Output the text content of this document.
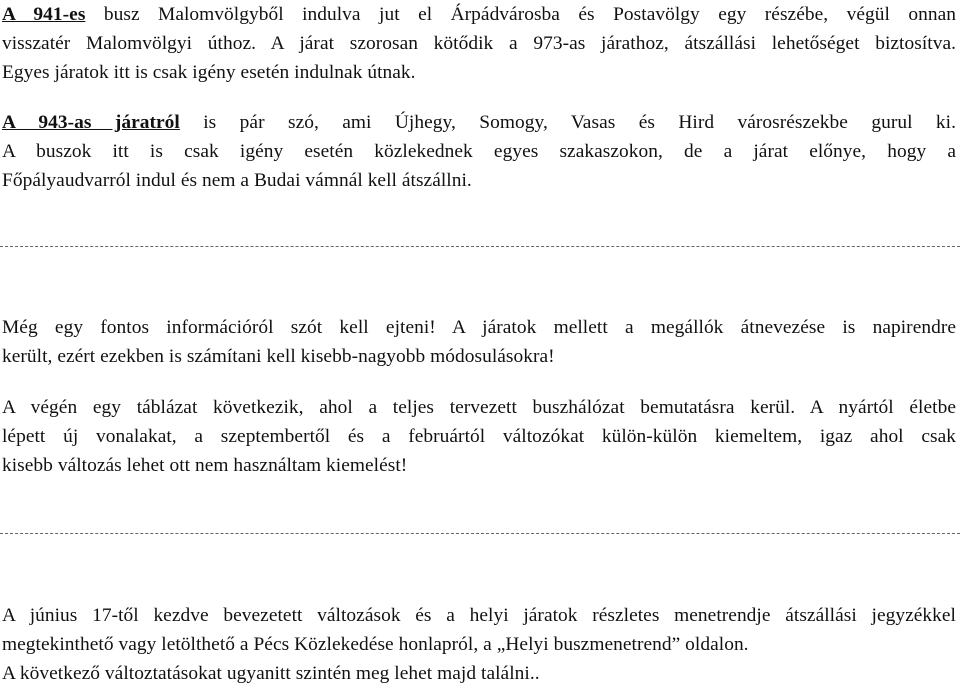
A 941-es busz Malomvölgyből indulva jut el Árpádvárosba és Postavölgy egy részébe, végül onnan
visszatér Malomvölgyi úthoz. A járat szorosan kötődik a 973-as járathoz, átszállási lehetőséget biztosítva.
Egyes járatok itt is csak igény esetén indulnak útnak.

A 943-as járatról is pár szó, ami Újhegy, Somogy, Vasas és Hird városrészekbe gurul ki.
A buszok itt is csak igény esetén közlekednek egyes szakaszokon, de a járat előnye, hogy a
Főpályaudvarról indul és nem a Budai vámnál kell átszállni.

Még egy fontos információról szót kell ejteni! A járatok mellett a megállók átnevezése is napirendre
került, ezért ezekben is számítani kell kisebb-nagyobb módosulásokra!

A végén egy táblázat következik, ahol a teljes tervezett buszhálózat bemutatásra kerül. A nyártól életbe
lépett új vonalakat, a szeptembertől és a februártól változókat külön-külön kiemeltem, igaz ahol csak
kisebb változás lehet ott nem használtam kiemelést!

A június 17-től kezdve bevezetett változások és a helyi járatok részletes menetrendje átszállási jegyzékkel
megtekinthető vagy letölthető a Pécs Közlekedése honlapról, a „Helyi buszmenetrend” oldalon.
A következő változtatásokat ugyanitt szintén meg lehet majd találni..
